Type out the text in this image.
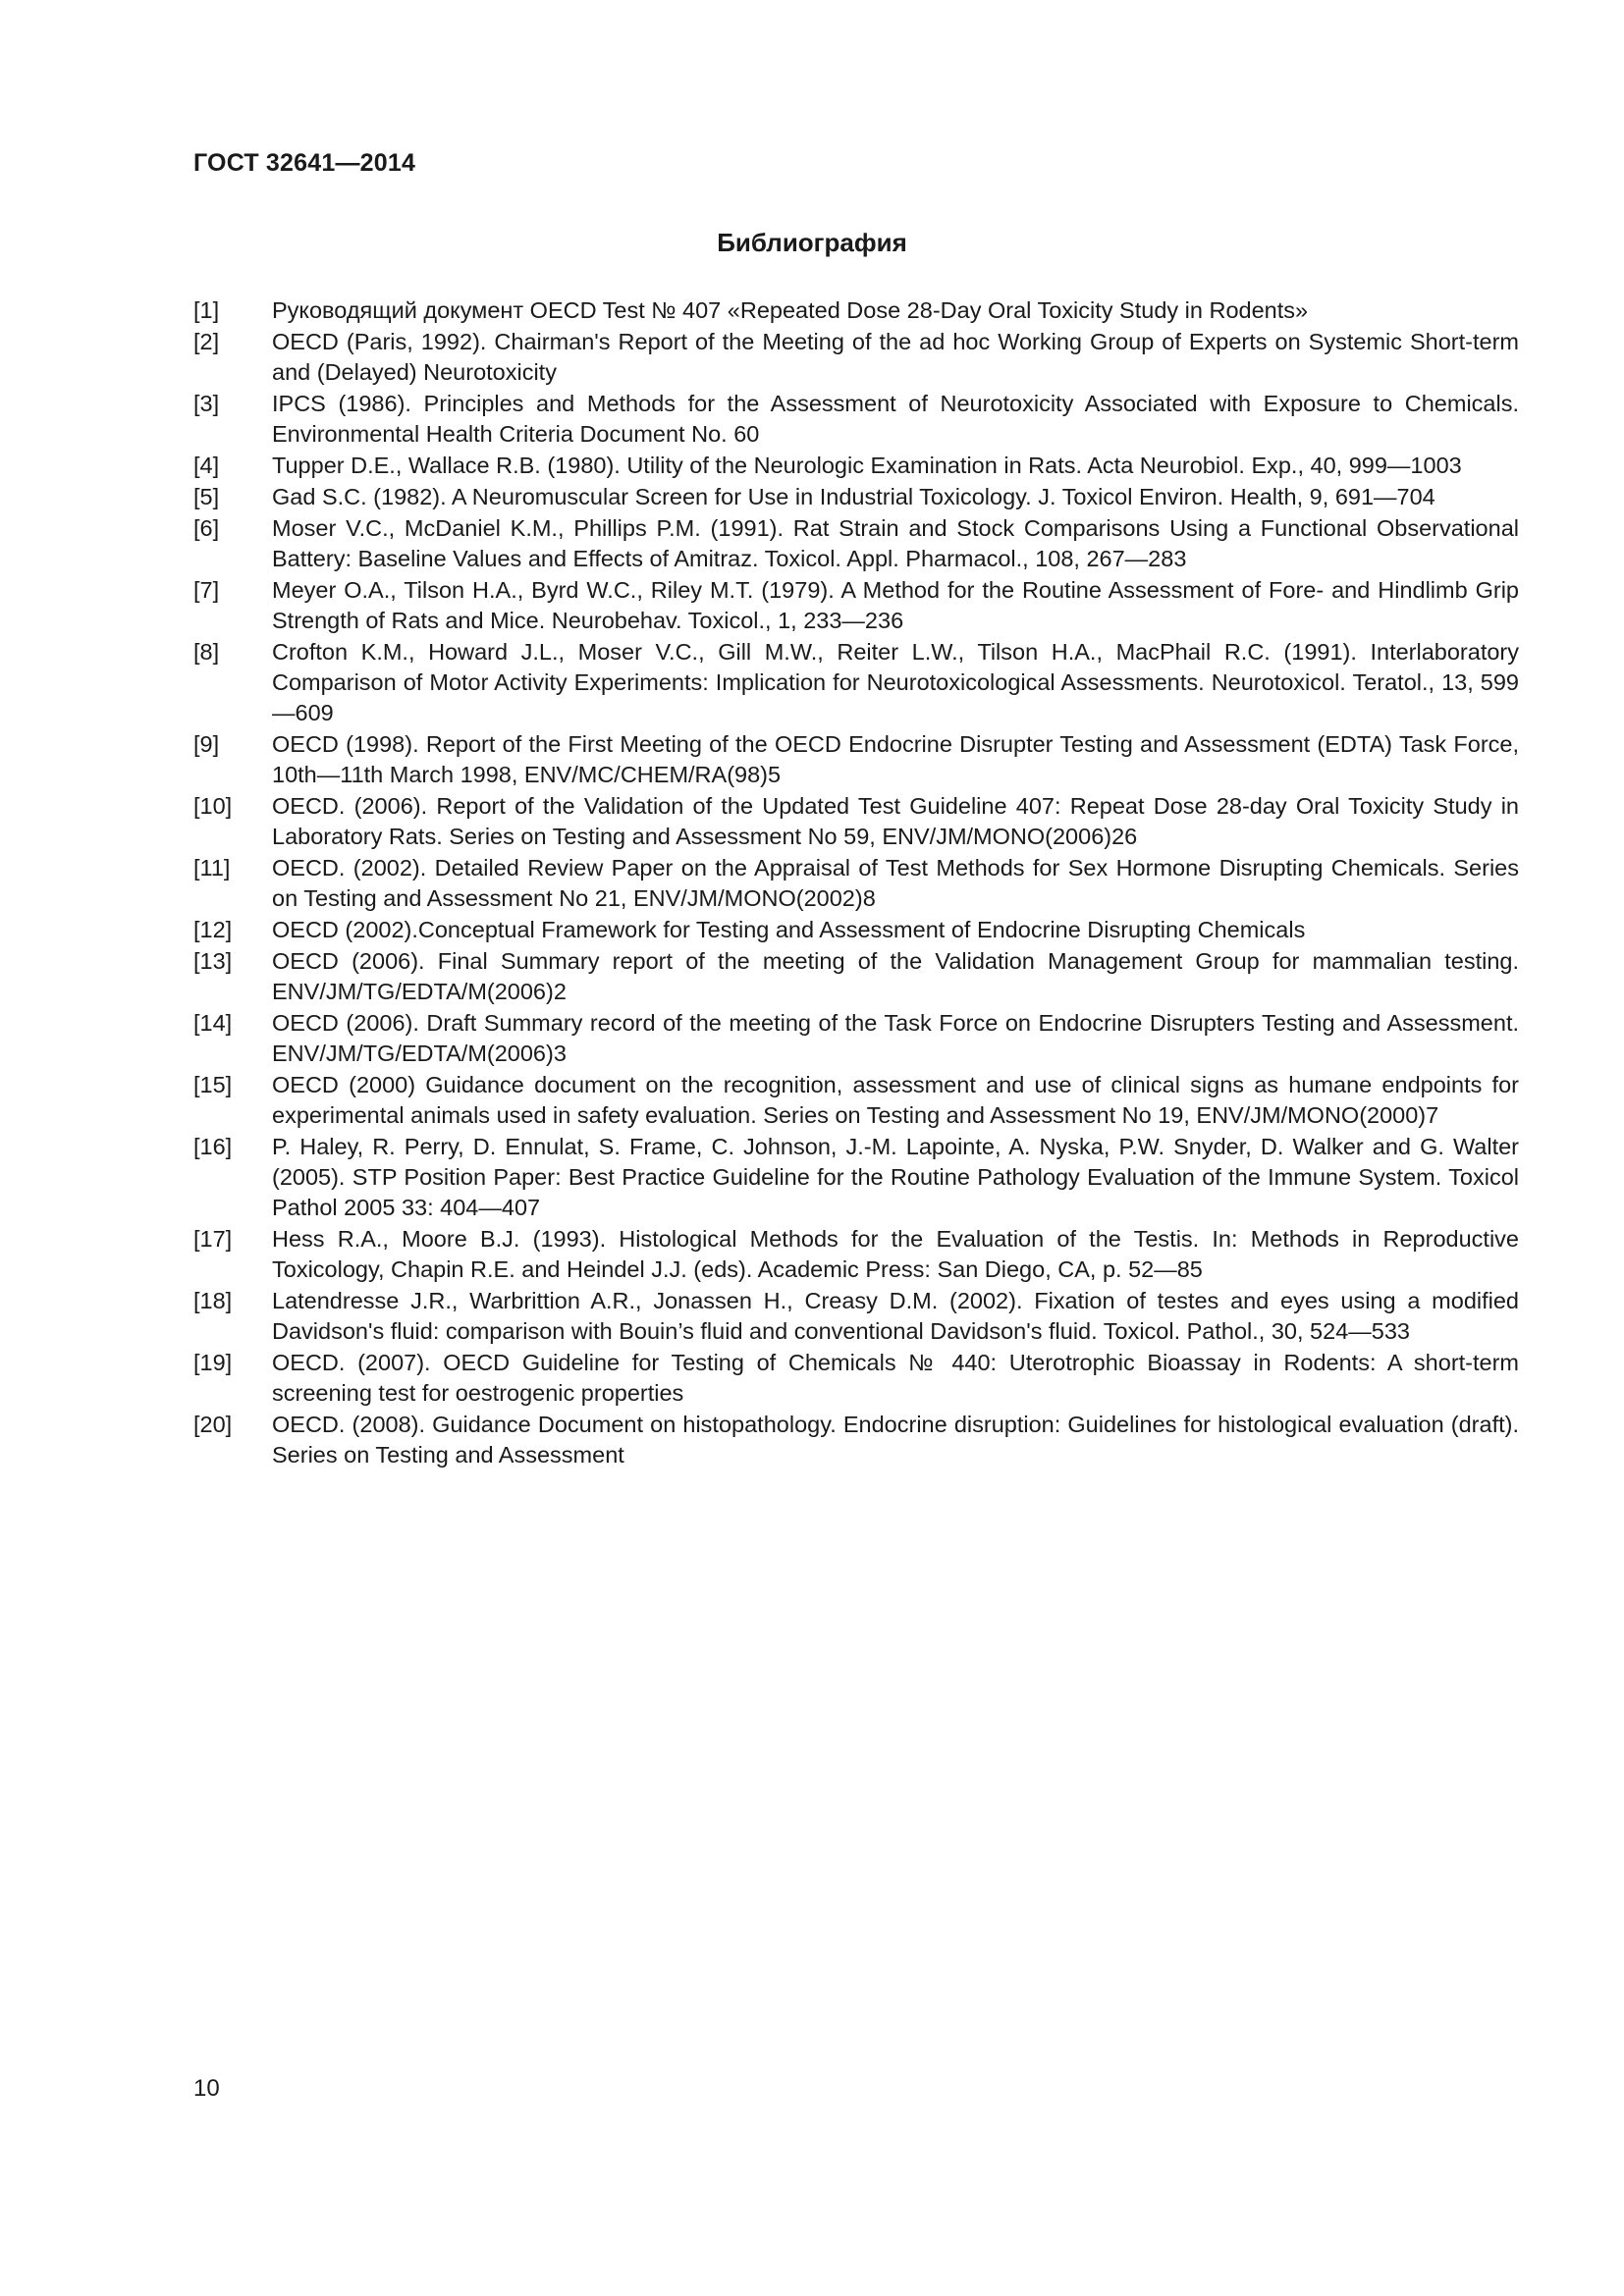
ГОСТ 32641—2014
Библиография
[1]	Руководящий документ OECD Test № 407 «Repeated Dose 28-Day Oral Toxicity Study in Rodents»
[2]	OECD (Paris, 1992). Chairman's Report of the Meeting of the ad hoc Working Group of Experts on Systemic Short-term and (Delayed) Neurotoxicity
[3]	IPCS (1986). Principles and Methods for the Assessment of Neurotoxicity Associated with Exposure to Chemicals. Environmental Health Criteria Document No. 60
[4]	Tupper D.E., Wallace R.B. (1980). Utility of the Neurologic Examination in Rats. Acta Neurobiol. Exp., 40, 999—1003
[5]	Gad S.C. (1982). A Neuromuscular Screen for Use in Industrial Toxicology. J. Toxicol Environ. Health, 9, 691—704
[6]	Moser V.C., McDaniel K.M., Phillips P.M. (1991). Rat Strain and Stock Comparisons Using a Functional Observational Battery: Baseline Values and Effects of Amitraz. Toxicol. Appl. Pharmacol., 108, 267—283
[7]	Meyer O.A., Tilson H.A., Byrd W.C., Riley M.T. (1979). A Method for the Routine Assessment of Fore- and Hindlimb Grip Strength of Rats and Mice. Neurobehav. Toxicol., 1, 233—236
[8]	Crofton K.M., Howard J.L., Moser V.C., Gill M.W., Reiter L.W., Tilson H.A., MacPhail R.C. (1991). Interlaboratory Comparison of Motor Activity Experiments: Implication for Neurotoxicological Assessments. Neurotoxicol. Teratol., 13, 599—609
[9]	OECD (1998). Report of the First Meeting of the OECD Endocrine Disrupter Testing and Assessment (EDTA) Task Force, 10th—11th March 1998, ENV/MC/CHEM/RA(98)5
[10]	OECD. (2006). Report of the Validation of the Updated Test Guideline 407: Repeat Dose 28-day Oral Toxicity Study in Laboratory Rats. Series on Testing and Assessment No 59, ENV/JM/MONO(2006)26
[11]	OECD. (2002). Detailed Review Paper on the Appraisal of Test Methods for Sex Hormone Disrupting Chemicals. Series on Testing and Assessment No 21, ENV/JM/MONO(2002)8
[12]	OECD (2002).Conceptual Framework for Testing and Assessment of Endocrine Disrupting Chemicals
[13]	OECD (2006). Final Summary report of the meeting of the Validation Management Group for mammalian testing. ENV/JM/TG/EDTA/M(2006)2
[14]	OECD (2006). Draft Summary record of the meeting of the Task Force on Endocrine Disrupters Testing and Assessment. ENV/JM/TG/EDTA/M(2006)3
[15]	OECD (2000) Guidance document on the recognition, assessment and use of clinical signs as humane endpoints for experimental animals used in safety evaluation. Series on Testing and Assessment No 19, ENV/JM/MONO(2000)7
[16]	P. Haley, R. Perry, D. Ennulat, S. Frame, C. Johnson, J.-M. Lapointe, A. Nyska, P.W. Snyder, D. Walker and G. Walter (2005). STP Position Paper: Best Practice Guideline for the Routine Pathology Evaluation of the Immune System. Toxicol Pathol 2005 33: 404—407
[17]	Hess R.A., Moore B.J. (1993). Histological Methods for the Evaluation of the Testis. In: Methods in Reproductive Toxicology, Chapin R.E. and Heindel J.J. (eds). Academic Press: San Diego, CA, p. 52—85
[18]	Latendresse J.R., Warbrittion A.R., Jonassen H., Creasy D.M. (2002). Fixation of testes and eyes using a modified Davidson's fluid: comparison with Bouin’s fluid and conventional Davidson's fluid. Toxicol. Pathol., 30, 524—533
[19]	OECD. (2007). OECD Guideline for Testing of Chemicals № 440: Uterotrophic Bioassay in Rodents: A short-term screening test for oestrogenic properties
[20]	OECD. (2008). Guidance Document on histopathology. Endocrine disruption: Guidelines for histological evaluation (draft). Series on Testing and Assessment
10
